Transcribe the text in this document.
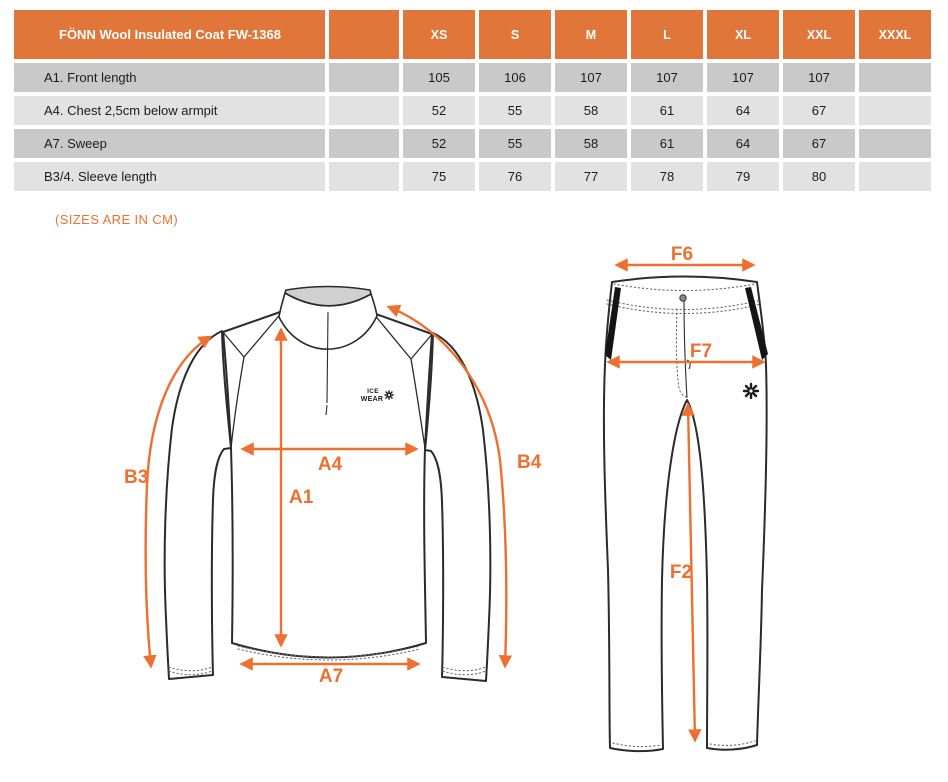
FÖNN Wool Insulated Coat FW-1368		XS	S	M	L	XL	XXL	XXXL
A1. Front length		105	106	107	107	107	107	
A4. Chest 2,5cm below armpit		52	55	58	61	64	67	
A7. Sweep		52	55	58	61	64	67	
B3/4. Sleeve length		75	76	77	78	79	80	
(SIZES ARE IN CM)
ICE
WEAR
B3
B4
A1
A4
A7
F6
F7
F2
